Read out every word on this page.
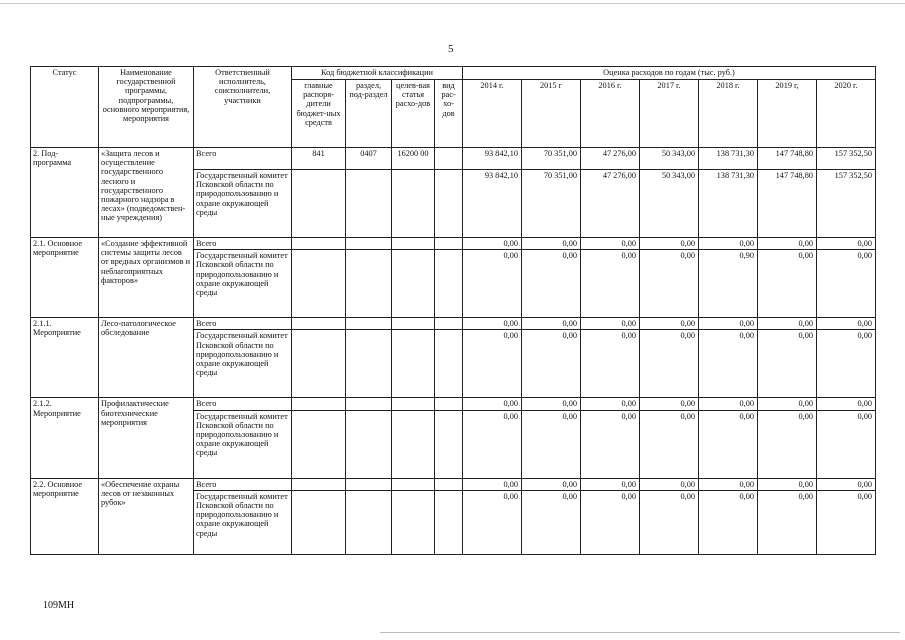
5
Статус	Наименование государственной программы, подпрограммы, основного мероприятия, мероприятия	Ответственный исполнитель, соисполнители, участники	Код бюджетной классификации				Оценка расходов по годам (тыс. руб.)						
			главные распоря-дители бюджет-ных средств	раздел, под-раздел	целев-вая статья расхо-дов	вид рас-хо-дов	2014 г.	2015 г	2016 г.	2017 г.	2018 г.	2019 г,	2020 г.
2. Под-программа	«Защита лесов и осуществление государственного лесного и государственного пожарного надзора в лесах» (подведомствен-ные учреждения)	Всего	841	0407	16200 00		93 842,10	70 351,00	47 276,00	50 343,00	138 731,30	147 748,80	157 352,50
		Государственный комитет Псковской области по природопользованию и охране окружающей среды					93 842,10	70 351,00	47 276,00	50 343,00	138 731,30	147 748,80	157 352,50
2.1. Основное мероприятие	«Создание эффективной системы защиты лесов от вредных организмов и неблагоприятных факторов»	Всего					0,00	0,00	0,00	0,00	0,00	0,00	0,00
		Государственный комитет Псковской области по природопользованию и охране окружающей среды					0,00	0,00	0,00	0,00	0,90	0,00	0,00
2.1.1. Мероприятие	Лесо-патологическое обследование	Всего					0,00	0,00	0,00	0,00	0,00	0,00	0,00
		Государственный комитет Псковской области по природопользованию и охране окружающей среды					0,00	0,00	0,00	0,00	0,00	0,00	0,00
2.1.2. Мероприятие	Профилактические биотехнические мероприятия	Всего					0,00	0,00	0,00	0,00	0,00	0,00	0,00
		Государственный комитет Псковской области по природопользованию и охране окружающей среды					0,00	0,00	0,00	0,00	0,00	0,00	0,00
2.2. Основное мероприятие	«Обеспечение охраны лесов от незаконных рубок»	Всего					0,00	0,00	0,00	0,00	0,00	0,00	0,00
		Государственный комитет Псковской области по природопользованию и охране окружающей среды					0,00	0,00	0,00	0,00	0,00	0,00	0,00
109МН
